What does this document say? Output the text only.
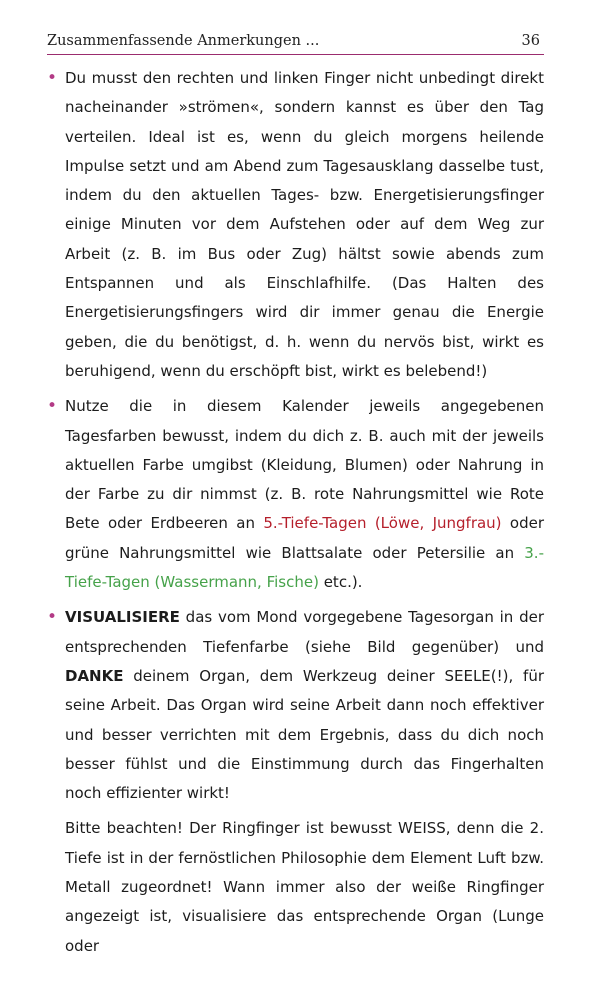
Zusammenfassende Anmerkungen ...	36
• Du musst den rechten und linken Finger nicht unbedingt direkt nacheinander »strömen«, sondern kannst es über den Tag verteilen. Ideal ist es, wenn du gleich morgens heilende Impulse setzt und am Abend zum Tagesausklang dasselbe tust, indem du den aktuellen Tages- bzw. Energetisierungsfinger einige Minuten vor dem Aufstehen oder auf dem Weg zur Arbeit (z. B. im Bus oder Zug) hältst sowie abends zum Entspannen und als Einschlafhilfe. (Das Halten des Energetisierungsfingers wird dir immer genau die Energie geben, die du benötigst, d. h. wenn du nervös bist, wirkt es beruhigend, wenn du erschöpft bist, wirkt es belebend!)
• Nutze die in diesem Kalender jeweils angegebenen Tagesfarben bewusst, indem du dich z. B. auch mit der jeweils aktuellen Farbe umgibst (Kleidung, Blumen) oder Nahrung in der Farbe zu dir nimmst (z. B. rote Nahrungsmittel wie Rote Bete oder Erdbeeren an 5.-Tiefe-Tagen (Löwe, Jungfrau) oder grüne Nahrungsmittel wie Blattsalate oder Petersilie an 3.-Tiefe-Tagen (Wassermann, Fische) etc.).
• VISUALISIERE das vom Mond vorgegebene Tagesorgan in der entsprechenden Tiefenfarbe (siehe Bild gegenüber) und DANKE deinem Organ, dem Werkzeug deiner SEELE(!), für seine Arbeit. Das Organ wird seine Arbeit dann noch effektiver und besser verrichten mit dem Ergebnis, dass du dich noch besser fühlst und die Einstimmung durch das Fingerhalten noch effizienter wirkt!
Bitte beachten! Der Ringfinger ist bewusst WEISS, denn die 2. Tiefe ist in der fernöstlichen Philosophie dem Element Luft bzw. Metall zugeordnet! Wann immer also der weiße Ringfinger angezeigt ist, visualisiere das entsprechende Organ (Lunge oder
